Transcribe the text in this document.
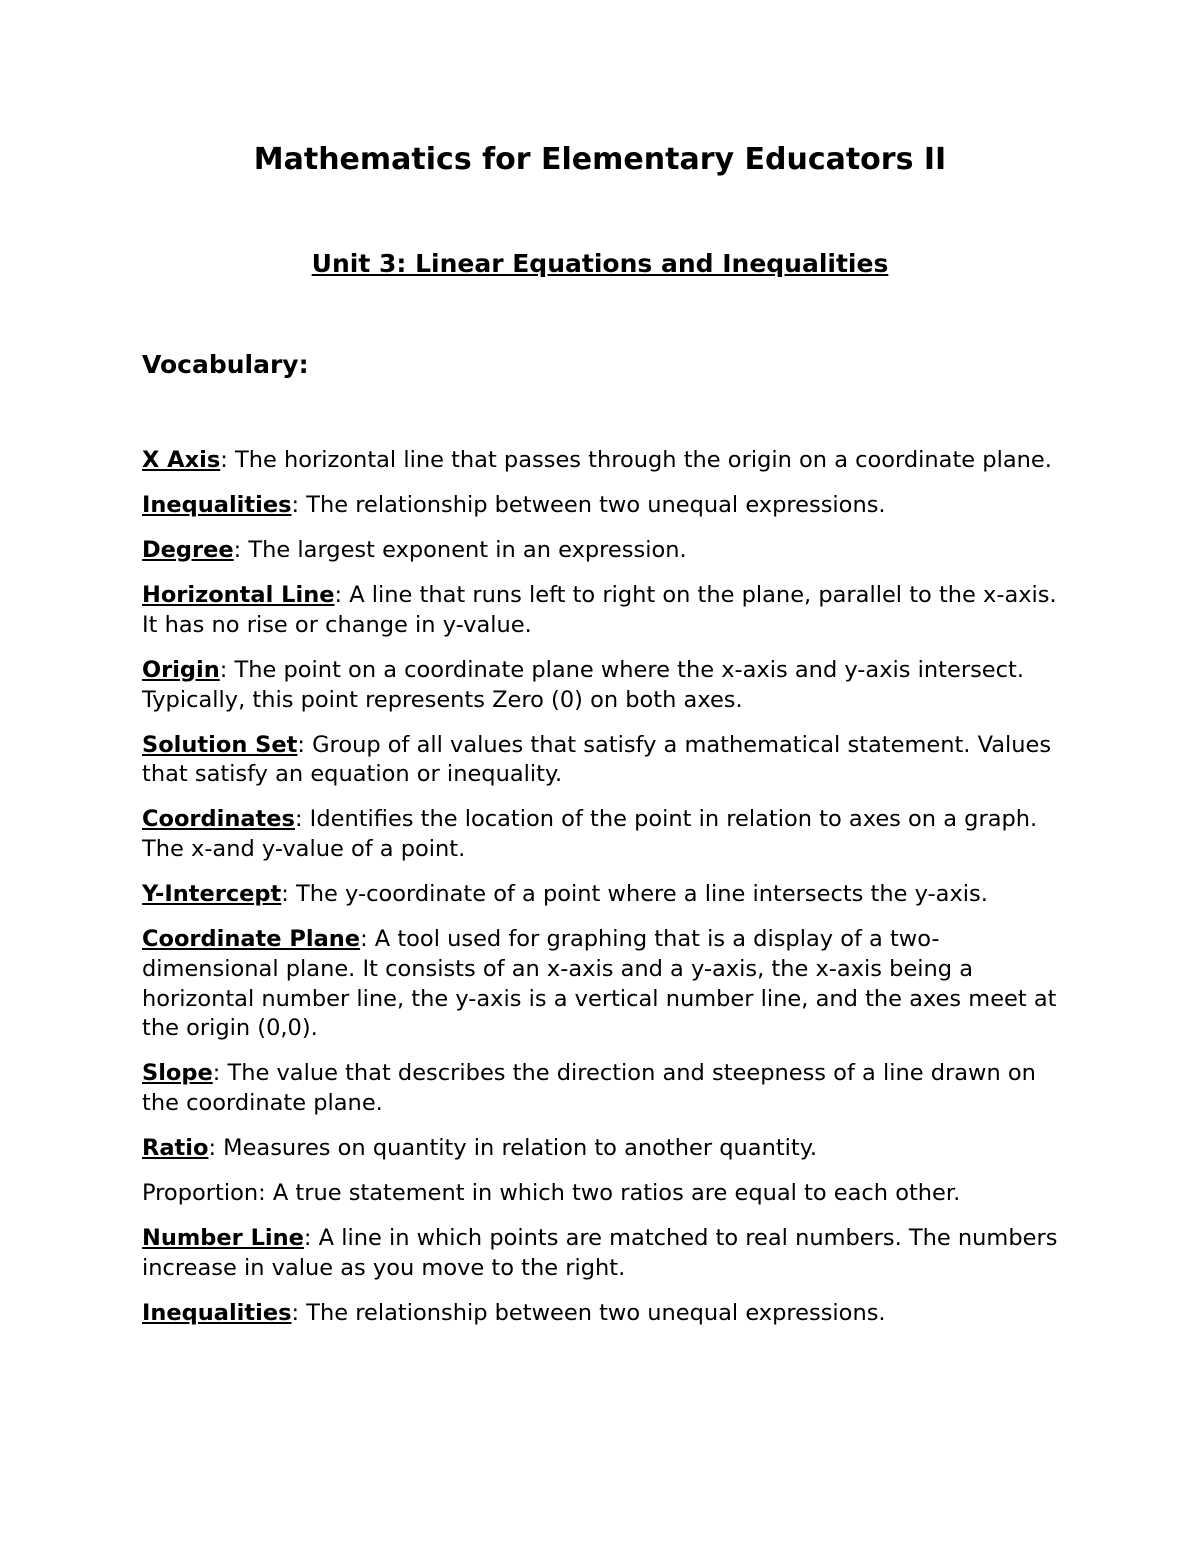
Mathematics for Elementary Educators II
Unit 3: Linear Equations and Inequalities
Vocabulary:

X Axis: The horizontal line that passes through the origin on a coordinate plane.

Inequalities: The relationship between two unequal expressions.

Degree: The largest exponent in an expression.

Horizontal Line: A line that runs left to right on the plane, parallel to the x-axis. It has no rise or change in y-value.

Origin: The point on a coordinate plane where the x-axis and y-axis intersect. Typically, this point represents Zero (0) on both axes.

Solution Set: Group of all values that satisfy a mathematical statement. Values that satisfy an equation or inequality.

Coordinates: Identifies the location of the point in relation to axes on a graph. The x-and y-value of a point.

Y-Intercept: The y-coordinate of a point where a line intersects the y-axis.

Coordinate Plane: A tool used for graphing that is a display of a two-dimensional plane. It consists of an x-axis and a y-axis, the x-axis being a horizontal number line, the y-axis is a vertical number line, and the axes meet at the origin (0,0).

Slope: The value that describes the direction and steepness of a line drawn on the coordinate plane.

Ratio: Measures on quantity in relation to another quantity.

Proportion: A true statement in which two ratios are equal to each other.

Number Line: A line in which points are matched to real numbers. The numbers increase in value as you move to the right.

Inequalities: The relationship between two unequal expressions.
